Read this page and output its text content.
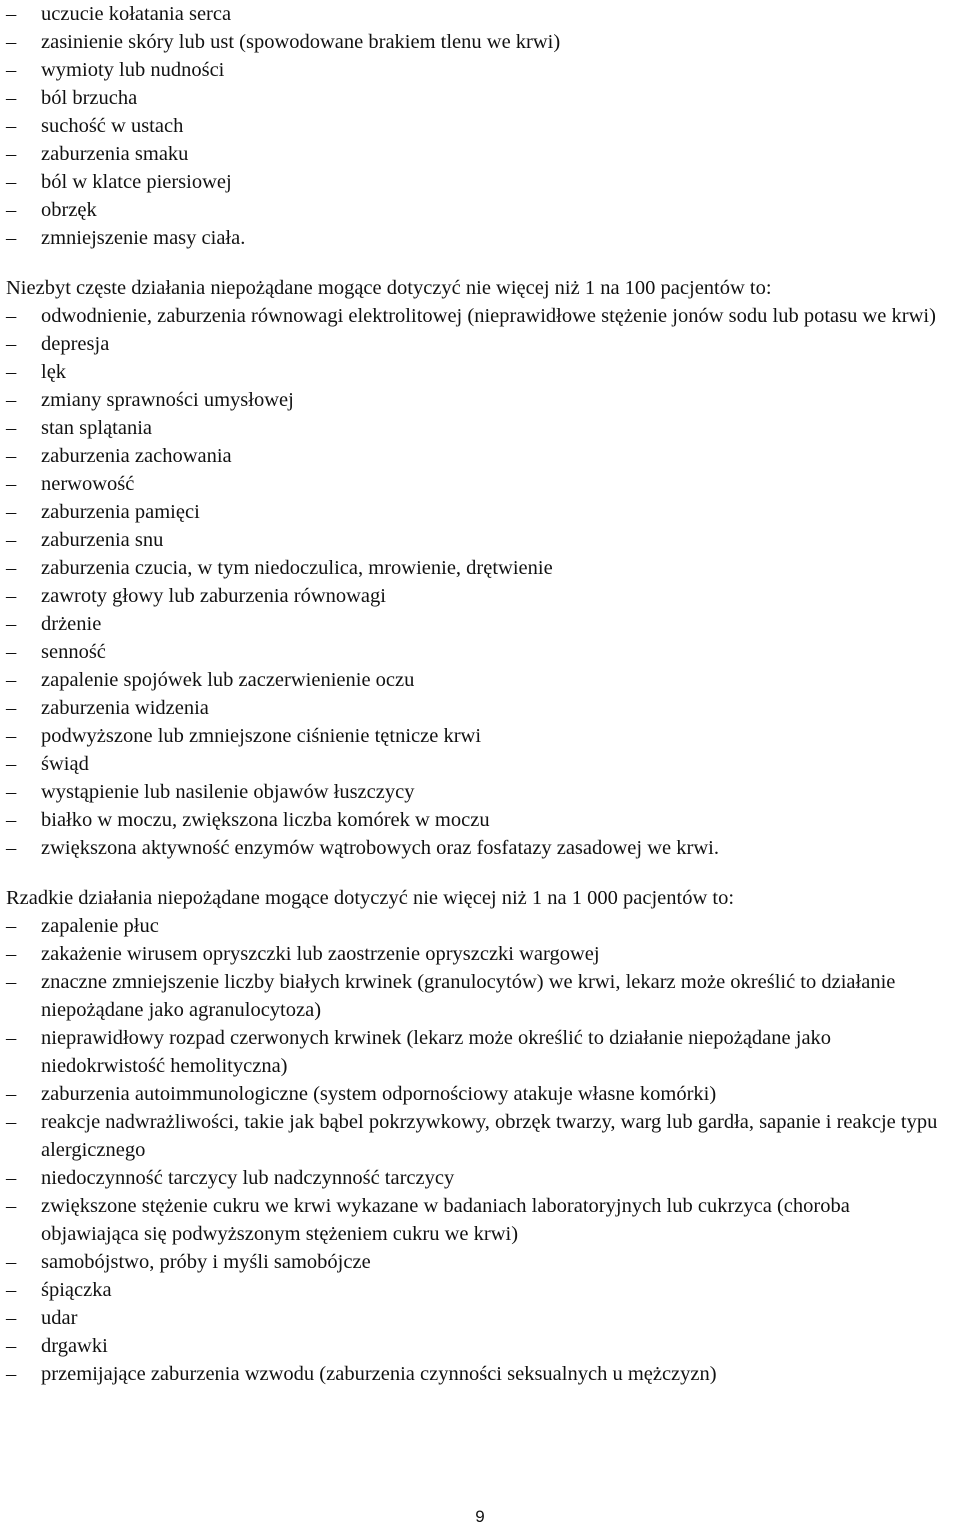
–	uczucie kołatania serca
–	zasinienie skóry lub ust (spowodowane brakiem tlenu we krwi)
–	wymioty lub nudności
–	ból brzucha
–	suchość w ustach
–	zaburzenia smaku
–	ból w klatce piersiowej
–	obrzęk
–	zmniejszenie masy ciała.

Niezbyt częste działania niepożądane mogące dotyczyć nie więcej niż 1 na 100 pacjentów to:

–	odwodnienie, zaburzenia równowagi elektrolitowej (nieprawidłowe stężenie jonów sodu lub potasu we krwi)
–	depresja
–	lęk
–	zmiany sprawności umysłowej
–	stan splątania
–	zaburzenia zachowania
–	nerwowość
–	zaburzenia pamięci
–	zaburzenia snu
–	zaburzenia czucia, w tym niedoczulica, mrowienie, drętwienie
–	zawroty głowy lub zaburzenia równowagi
–	drżenie
–	senność
–	zapalenie spojówek lub zaczerwienienie oczu
–	zaburzenia widzenia
–	podwyższone lub zmniejszone ciśnienie tętnicze krwi
–	świąd
–	wystąpienie lub nasilenie objawów łuszczycy
–	białko w moczu, zwiększona liczba komórek w moczu
–	zwiększona aktywność enzymów wątrobowych oraz fosfatazy zasadowej we krwi.

Rzadkie działania niepożądane mogące dotyczyć nie więcej niż 1 na 1 000 pacjentów to:

–	zapalenie płuc
–	zakażenie wirusem opryszczki lub zaostrzenie opryszczki wargowej
–	znaczne zmniejszenie liczby białych krwinek (granulocytów) we krwi, lekarz może określić to działanie niepożądane jako agranulocytoza)
–	nieprawidłowy rozpad czerwonych krwinek (lekarz może określić to działanie niepożądane jako niedokrwistość hemolityczna)
–	zaburzenia autoimmunologiczne (system odpornościowy atakuje własne komórki)
–	reakcje nadwrażliwości, takie jak bąbel pokrzywkowy, obrzęk twarzy, warg lub gardła, sapanie i reakcje typu alergicznego
–	niedoczynność tarczycy lub nadczynność tarczycy
–	zwiększone stężenie cukru we krwi wykazane w badaniach laboratoryjnych lub cukrzyca (choroba objawiająca się podwyższonym stężeniem cukru we krwi)
–	samobójstwo, próby i myśli samobójcze
–	śpiączka
–	udar
–	drgawki
–	przemijające zaburzenia wzwodu (zaburzenia czynności seksualnych u mężczyzn)
9
